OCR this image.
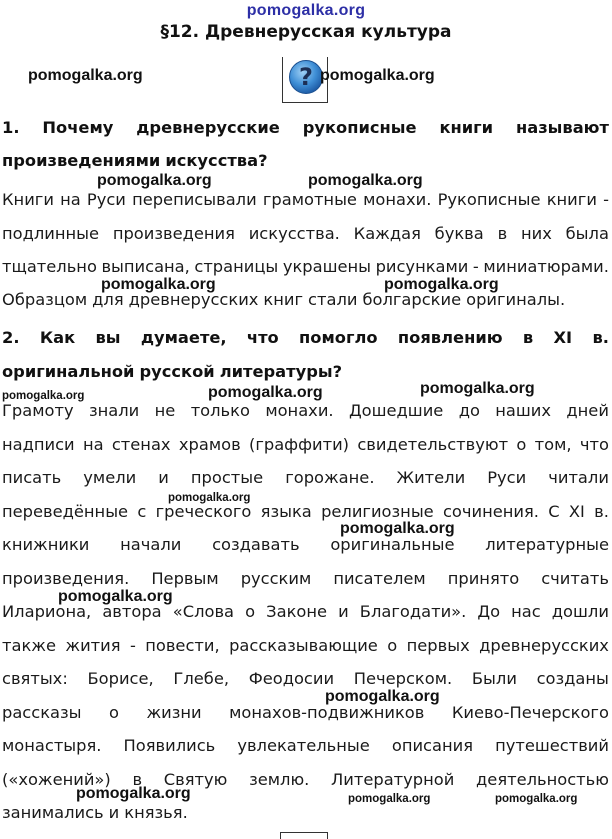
pomogalka.org
§12. Древнерусская культура
pomogalka.org	? pomogalka.org
1. Почему древнерусские рукописные книги называют
произведениями искусства?
pomogalka.org	pomogalka.org
Книги на Руси переписывали грамотные монахи. Рукописные книги -
подлинные произведения искусства. Каждая буква в них была
тщательно выписана, страницы украшены рисунками - миниатюрами.
pomogalka.org	pomogalka.org
Образцом для древнерусских книг стали болгарские оригиналы.
2. Как вы думаете, что помогло появлению в XI в.
оригинальной русской литературы?
pomogalka.org
pomogalka.org
pomogalka.org
Грамоту знали не только монахи. Дошедшие до наших дней
надписи на стенах храмов (граффити) свидетельствуют о том, что
писать умели и простые горожане. Жители Руси читали
pomogalka.org
переведённые с греческого языка религиозные сочинения. С XI в.
pomogalka.org
книжники начали создавать оригинальные литературные
произведения. Первым русским писателем принято считать
pomogalka.org
Илариона, автора «Слова о Законе и Благодати». До нас дошли
также жития - повести, рассказывающие о первых древнерусских
святых: Борисе, Глебе, Феодосии Печерском. Были созданы
pomogalka.org
рассказы о жизни монахов-подвижников Киево-Печерского
монастыря. Появились увлекательные описания путешествий
(«хожений») в Святую землю. Литературной деятельностью
pomogalka.org	pomogalka.org	pomogalka.org
занимались и князья.
